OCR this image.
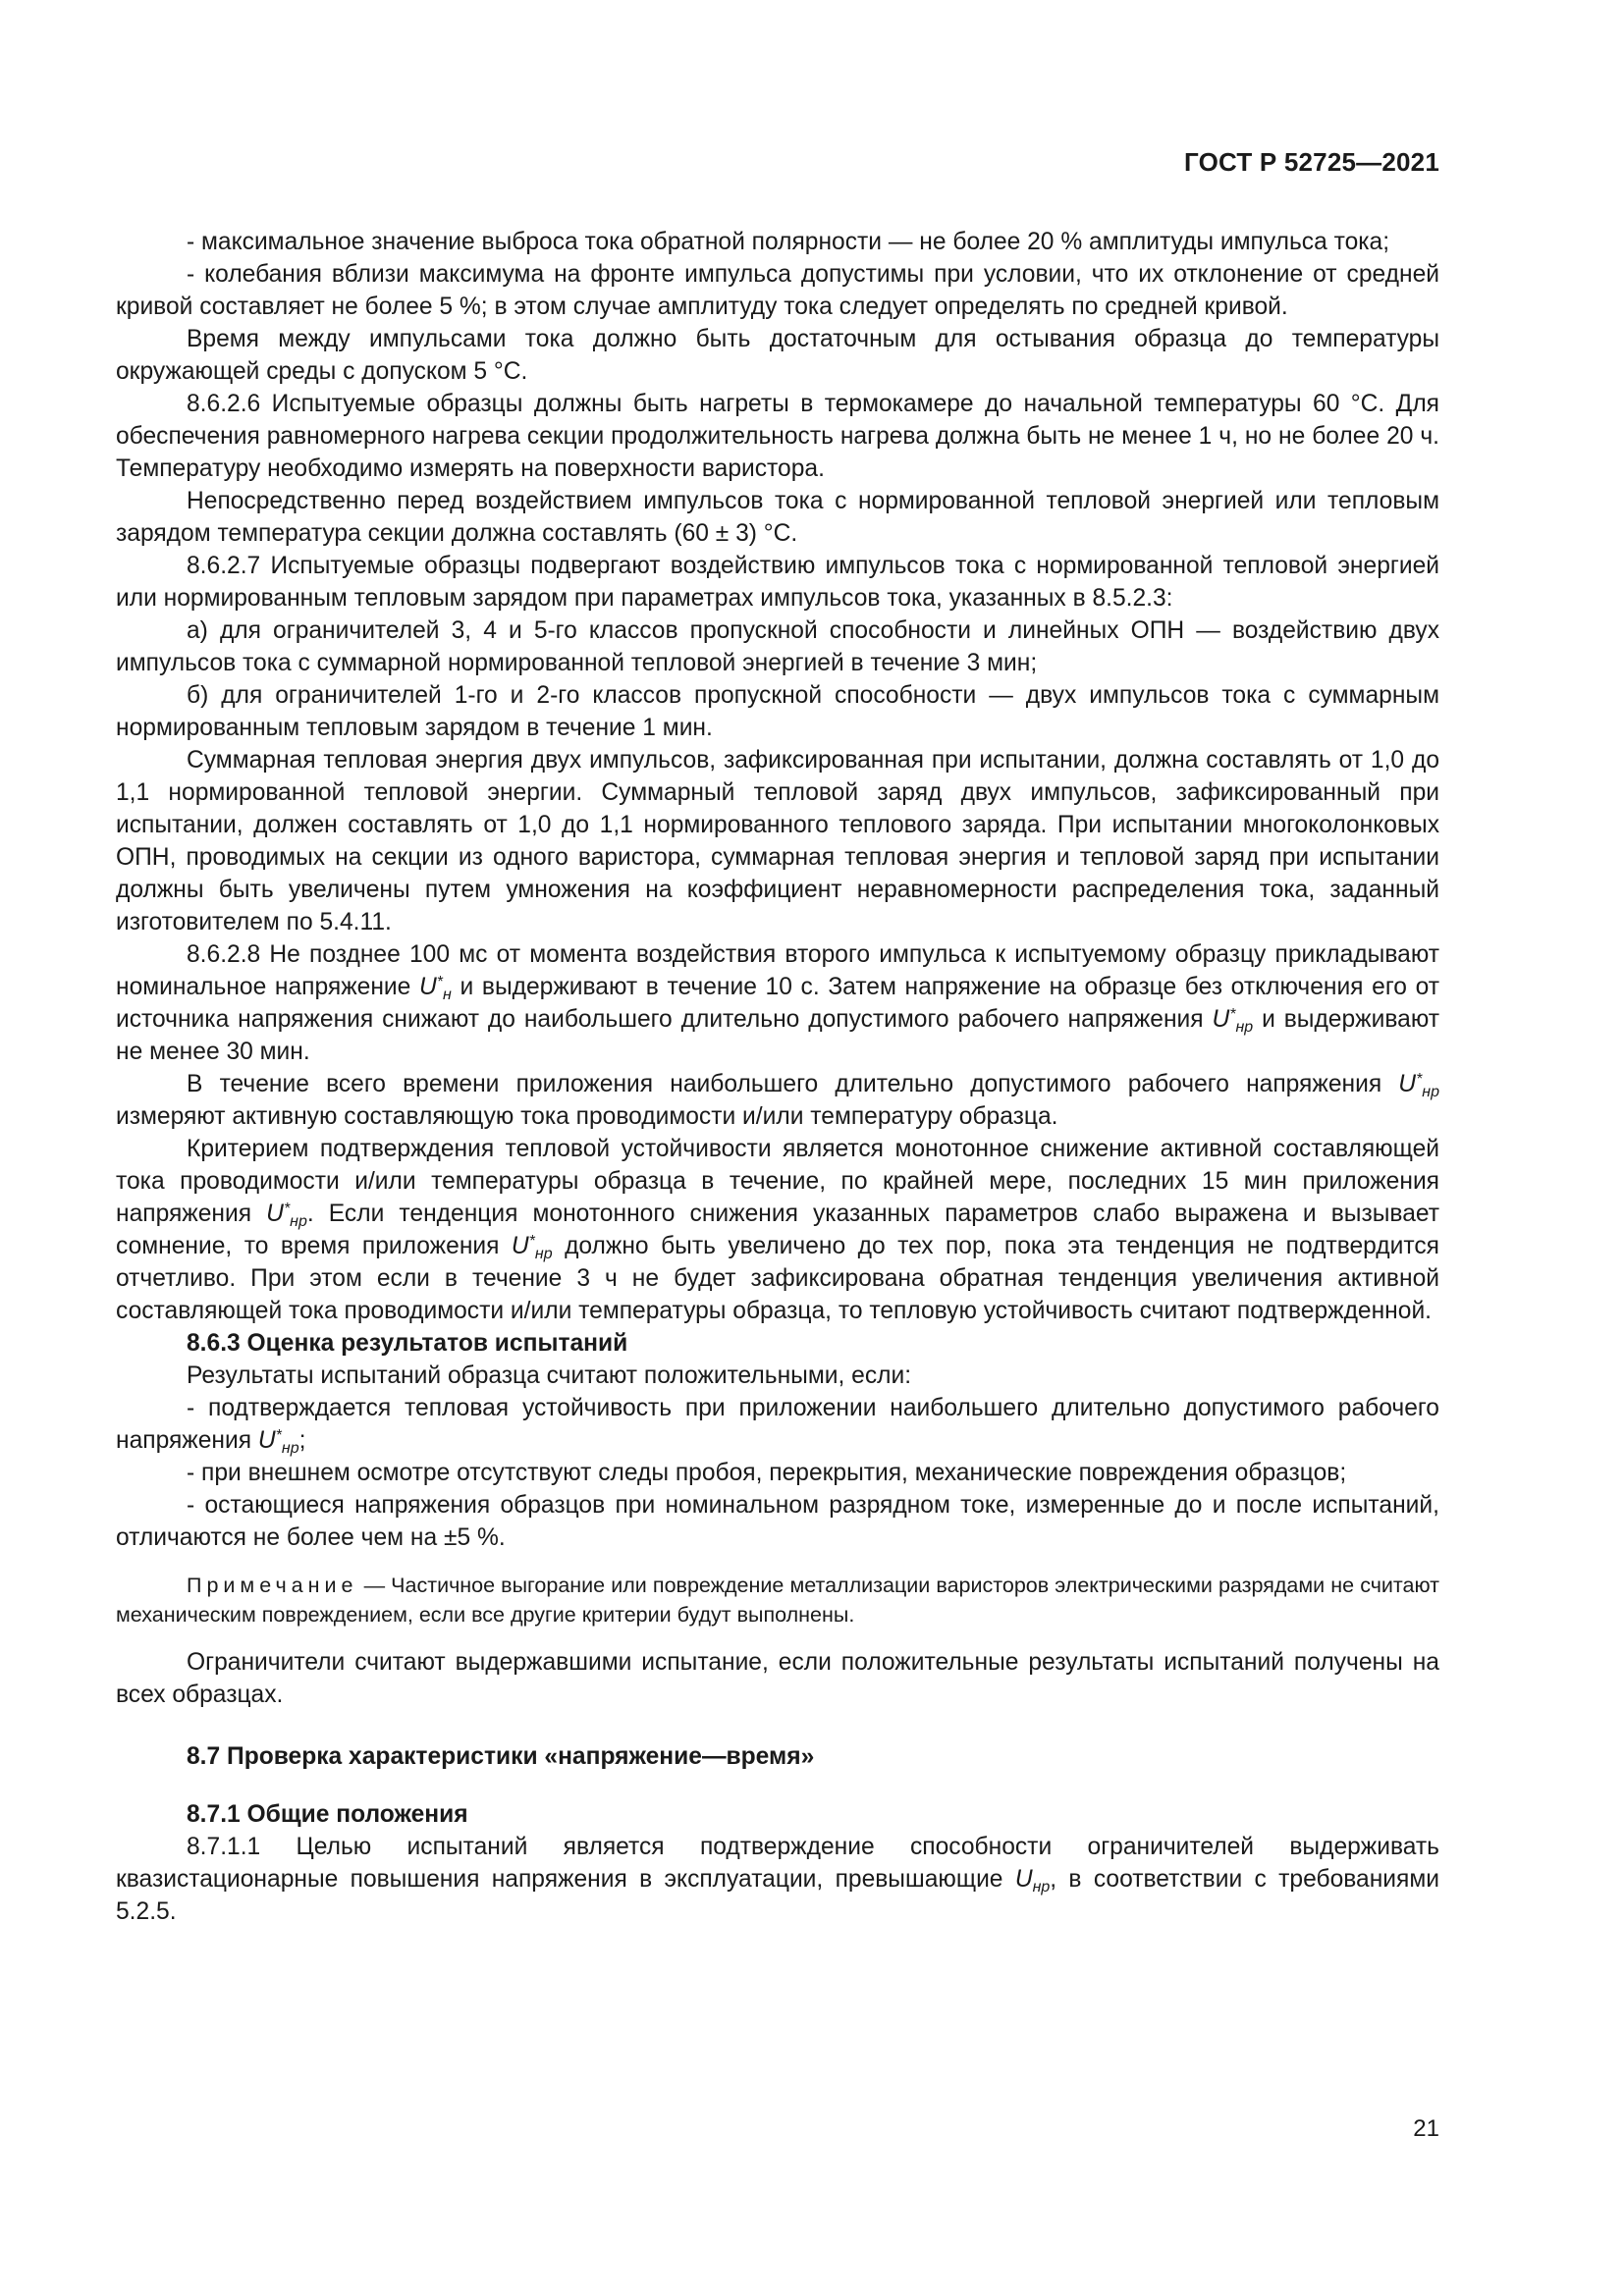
ГОСТ Р 52725—2021

- максимальное значение выброса тока обратной полярности — не более 20 % амплитуды импульса тока;

- колебания вблизи максимума на фронте импульса допустимы при условии, что их отклонение от средней кривой составляет не более 5 %; в этом случае амплитуду тока следует определять по средней кривой.

Время между импульсами тока должно быть достаточным для остывания образца до температуры окружающей среды с допуском 5 °С.

8.6.2.6 Испытуемые образцы должны быть нагреты в термокамере до начальной температуры 60 °С. Для обеспечения равномерного нагрева секции продолжительность нагрева должна быть не менее 1 ч, но не более 20 ч. Температуру необходимо измерять на поверхности варистора.

Непосредственно перед воздействием импульсов тока с нормированной тепловой энергией или тепловым зарядом температура секции должна составлять (60 ± 3) °С.

8.6.2.7 Испытуемые образцы подвергают воздействию импульсов тока с нормированной тепловой энергией или нормированным тепловым зарядом при параметрах импульсов тока, указанных в 8.5.2.3:

а) для ограничителей 3, 4 и 5-го классов пропускной способности и линейных ОПН — воздействию двух импульсов тока с суммарной нормированной тепловой энергией в течение 3 мин;

б) для ограничителей 1-го и 2-го классов пропускной способности — двух импульсов тока с суммарным нормированным тепловым зарядом в течение 1 мин.

Суммарная тепловая энергия двух импульсов, зафиксированная при испытании, должна составлять от 1,0 до 1,1 нормированной тепловой энергии. Суммарный тепловой заряд двух импульсов, зафиксированный при испытании, должен составлять от 1,0 до 1,1 нормированного теплового заряда. При испытании многоколонковых ОПН, проводимых на секции из одного варистора, суммарная тепловая энергия и тепловой заряд при испытании должны быть увеличены путем умножения на коэффициент неравномерности распределения тока, заданный изготовителем по 5.4.11.

8.6.2.8 Не позднее 100 мс от момента воздействия второго импульса к испытуемому образцу прикладывают номинальное напряжение $U^*_н$ и выдерживают в течение 10 с. Затем напряжение на образце без отключения его от источника напряжения снижают до наибольшего длительно допустимого рабочего напряжения $U^*_{нр}$ и выдерживают не менее 30 мин.

В течение всего времени приложения наибольшего длительно допустимого рабочего напряжения $U^*_{нр}$ измеряют активную составляющую тока проводимости и/или температуру образца.

Критерием подтверждения тепловой устойчивости является монотонное снижение активной составляющей тока проводимости и/или температуры образца в течение, по крайней мере, последних 15 мин приложения напряжения $U^*_{нр}$. Если тенденция монотонного снижения указанных параметров слабо выражена и вызывает сомнение, то время приложения $U^*_{нр}$ должно быть увеличено до тех пор, пока эта тенденция не подтвердится отчетливо. При этом если в течение 3 ч не будет зафиксирована обратная тенденция увеличения активной составляющей тока проводимости и/или температуры образца, то тепловую устойчивость считают подтвержденной.

8.6.3 Оценка результатов испытаний

Результаты испытаний образца считают положительными, если:

- подтверждается тепловая устойчивость при приложении наибольшего длительно допустимого рабочего напряжения $U^*_{нр}$;

- при внешнем осмотре отсутствуют следы пробоя, перекрытия, механические повреждения образцов;

- остающиеся напряжения образцов при номинальном разрядном токе, измеренные до и после испытаний, отличаются не более чем на ±5 %.

Примечание — Частичное выгорание или повреждение металлизации варисторов электрическими разрядами не считают механическим повреждением, если все другие критерии будут выполнены.

Ограничители считают выдержавшими испытание, если положительные результаты испытаний получены на всех образцах.

8.7 Проверка характеристики «напряжение—время»

8.7.1 Общие положения

8.7.1.1 Целью испытаний является подтверждение способности ограничителей выдерживать квазистационарные повышения напряжения в эксплуатации, превышающие $U_{нр}$, в соответствии с требованиями 5.2.5.

21
